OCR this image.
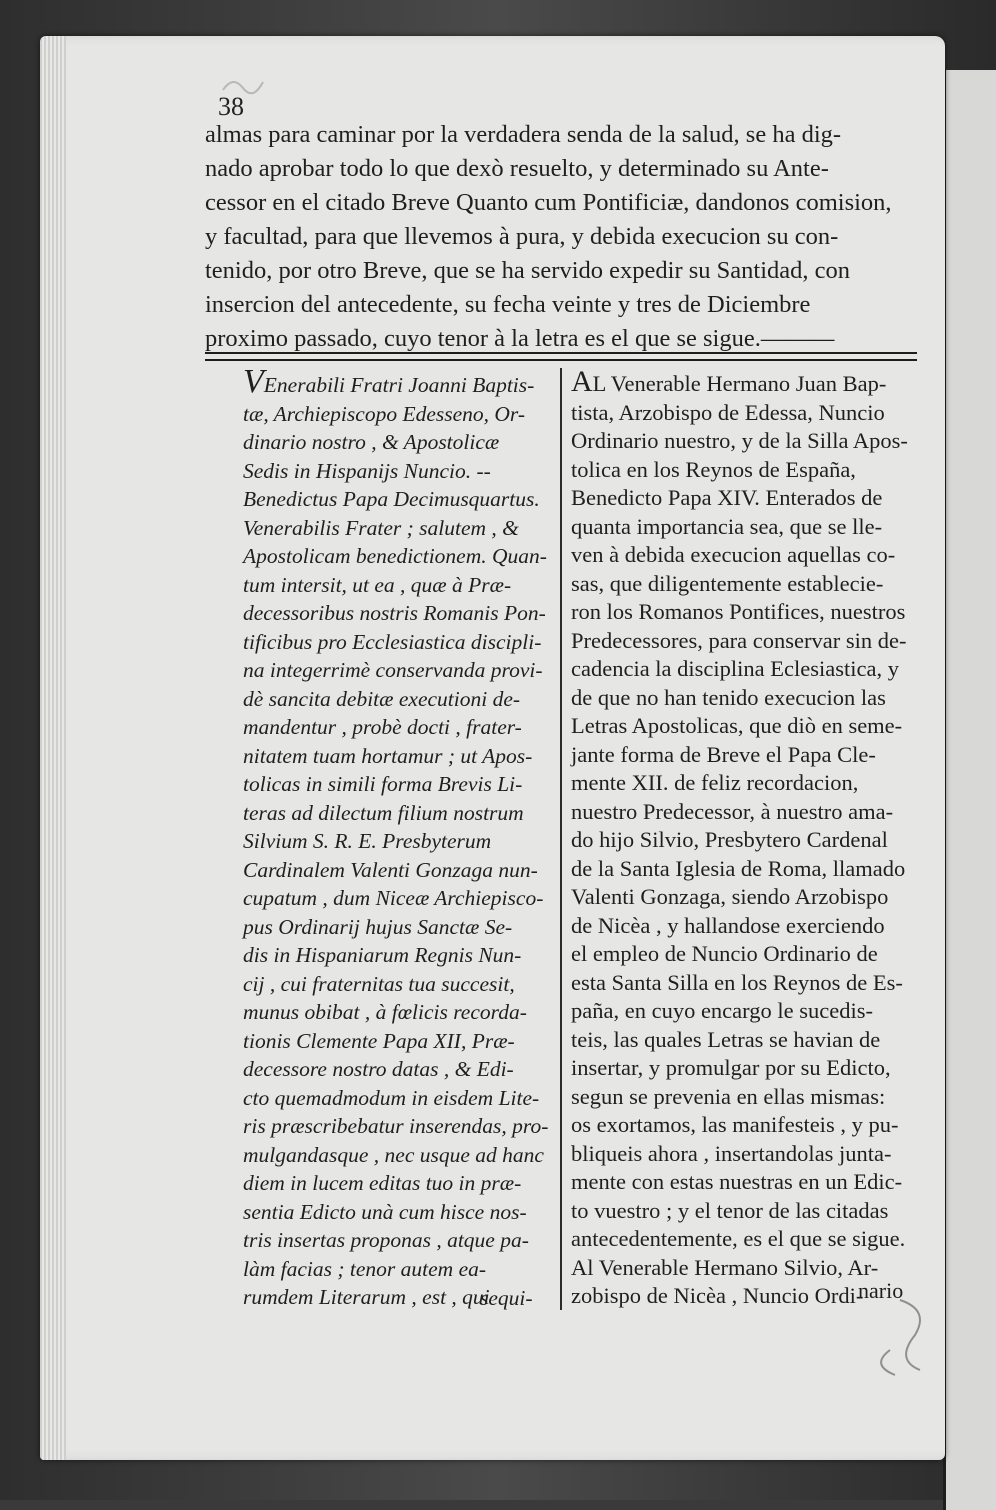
38

almas para caminar por la verdadera senda de la salud, se ha dig-

nado aprobar todo lo que dexò resuelto, y determinado su Ante-

cessor en el citado Breve Quanto cum Pontificiæ, dandonos comision,

y facultad, para que llevemos à pura, y debida execucion su con-

tenido, por otro Breve, que se ha servido expedir su Santidad, con

insercion del antecedente, su fecha veinte y tres de Diciembre

proximo passado, cuyo tenor à la letra es el que se sigue.———

VEnerabili Fratri Joanni Baptis-

tæ, Archiepiscopo Edesseno, Or-

dinario nostro , & Apostolicæ

Sedis in Hispanijs Nuncio. --

Benedictus Papa Decimusquartus.

Venerabilis Frater ; salutem , &

Apostolicam benedictionem. Quan-

tum intersit, ut ea , quæ à Præ-

decessoribus nostris Romanis Pon-

tificibus pro Ecclesiastica discipli-

na integerrimè conservanda provi-

dè sancita debitæ executioni de-

mandentur , probè docti , frater-

nitatem tuam hortamur ; ut Apos-

tolicas in simili forma Brevis Li-

teras ad dilectum filium nostrum

Silvium S. R. E. Presbyterum

Cardinalem Valenti Gonzaga nun-

cupatum , dum Niceæ Archiepisco-

pus Ordinarij hujus Sanctæ Se-

dis in Hispaniarum Regnis Nun-

cij , cui fraternitas tua succesit,

munus obibat , à fœlicis recorda-

tionis Clemente Papa XII, Præ-

decessore nostro datas , & Edi-

cto quemadmodum in eisdem Lite-

ris præscribebatur inserendas, pro-

mulgandasque , nec usque ad hanc

diem in lucem editas tuo in præ-

sentia Edicto unà cum hisce nos-

tris insertas proponas , atque pa-

làm facias ; tenor autem ea-

rumdem Literarum , est , qui

AL Venerable Hermano Juan Bap-

tista, Arzobispo de Edessa, Nuncio

Ordinario nuestro, y de la Silla Apos-

tolica en los Reynos de España,

Benedicto Papa XIV. Enterados de

quanta importancia sea, que se lle-

ven à debida execucion aquellas co-

sas, que diligentemente establecie-

ron los Romanos Pontifices, nuestros

Predecessores, para conservar sin de-

cadencia la disciplina Eclesiastica, y

de que no han tenido execucion las

Letras Apostolicas, que diò en seme-

jante forma de Breve el Papa Cle-

mente XII. de feliz recordacion,

nuestro Predecessor, à nuestro ama-

do hijo Silvio, Presbytero Cardenal

de la Santa Iglesia de Roma, llamado

Valenti Gonzaga, siendo Arzobispo

de Nicèa , y hallandose exerciendo

el empleo de Nuncio Ordinario de

esta Santa Silla en los Reynos de Es-

paña, en cuyo encargo le sucedis-

teis, las quales Letras se havian de

insertar, y promulgar por su Edicto,

segun se prevenia en ellas mismas:

os exortamos, las manifesteis , y pu-

bliqueis ahora , insertandolas junta-

mente con estas nuestras en un Edic-

to vuestro ; y el tenor de las citadas

antecedentemente, es el que se sigue.

Al Venerable Hermano Silvio, Ar-

zobispo de Nicèa , Nuncio Ordi-

sequi-	nario
